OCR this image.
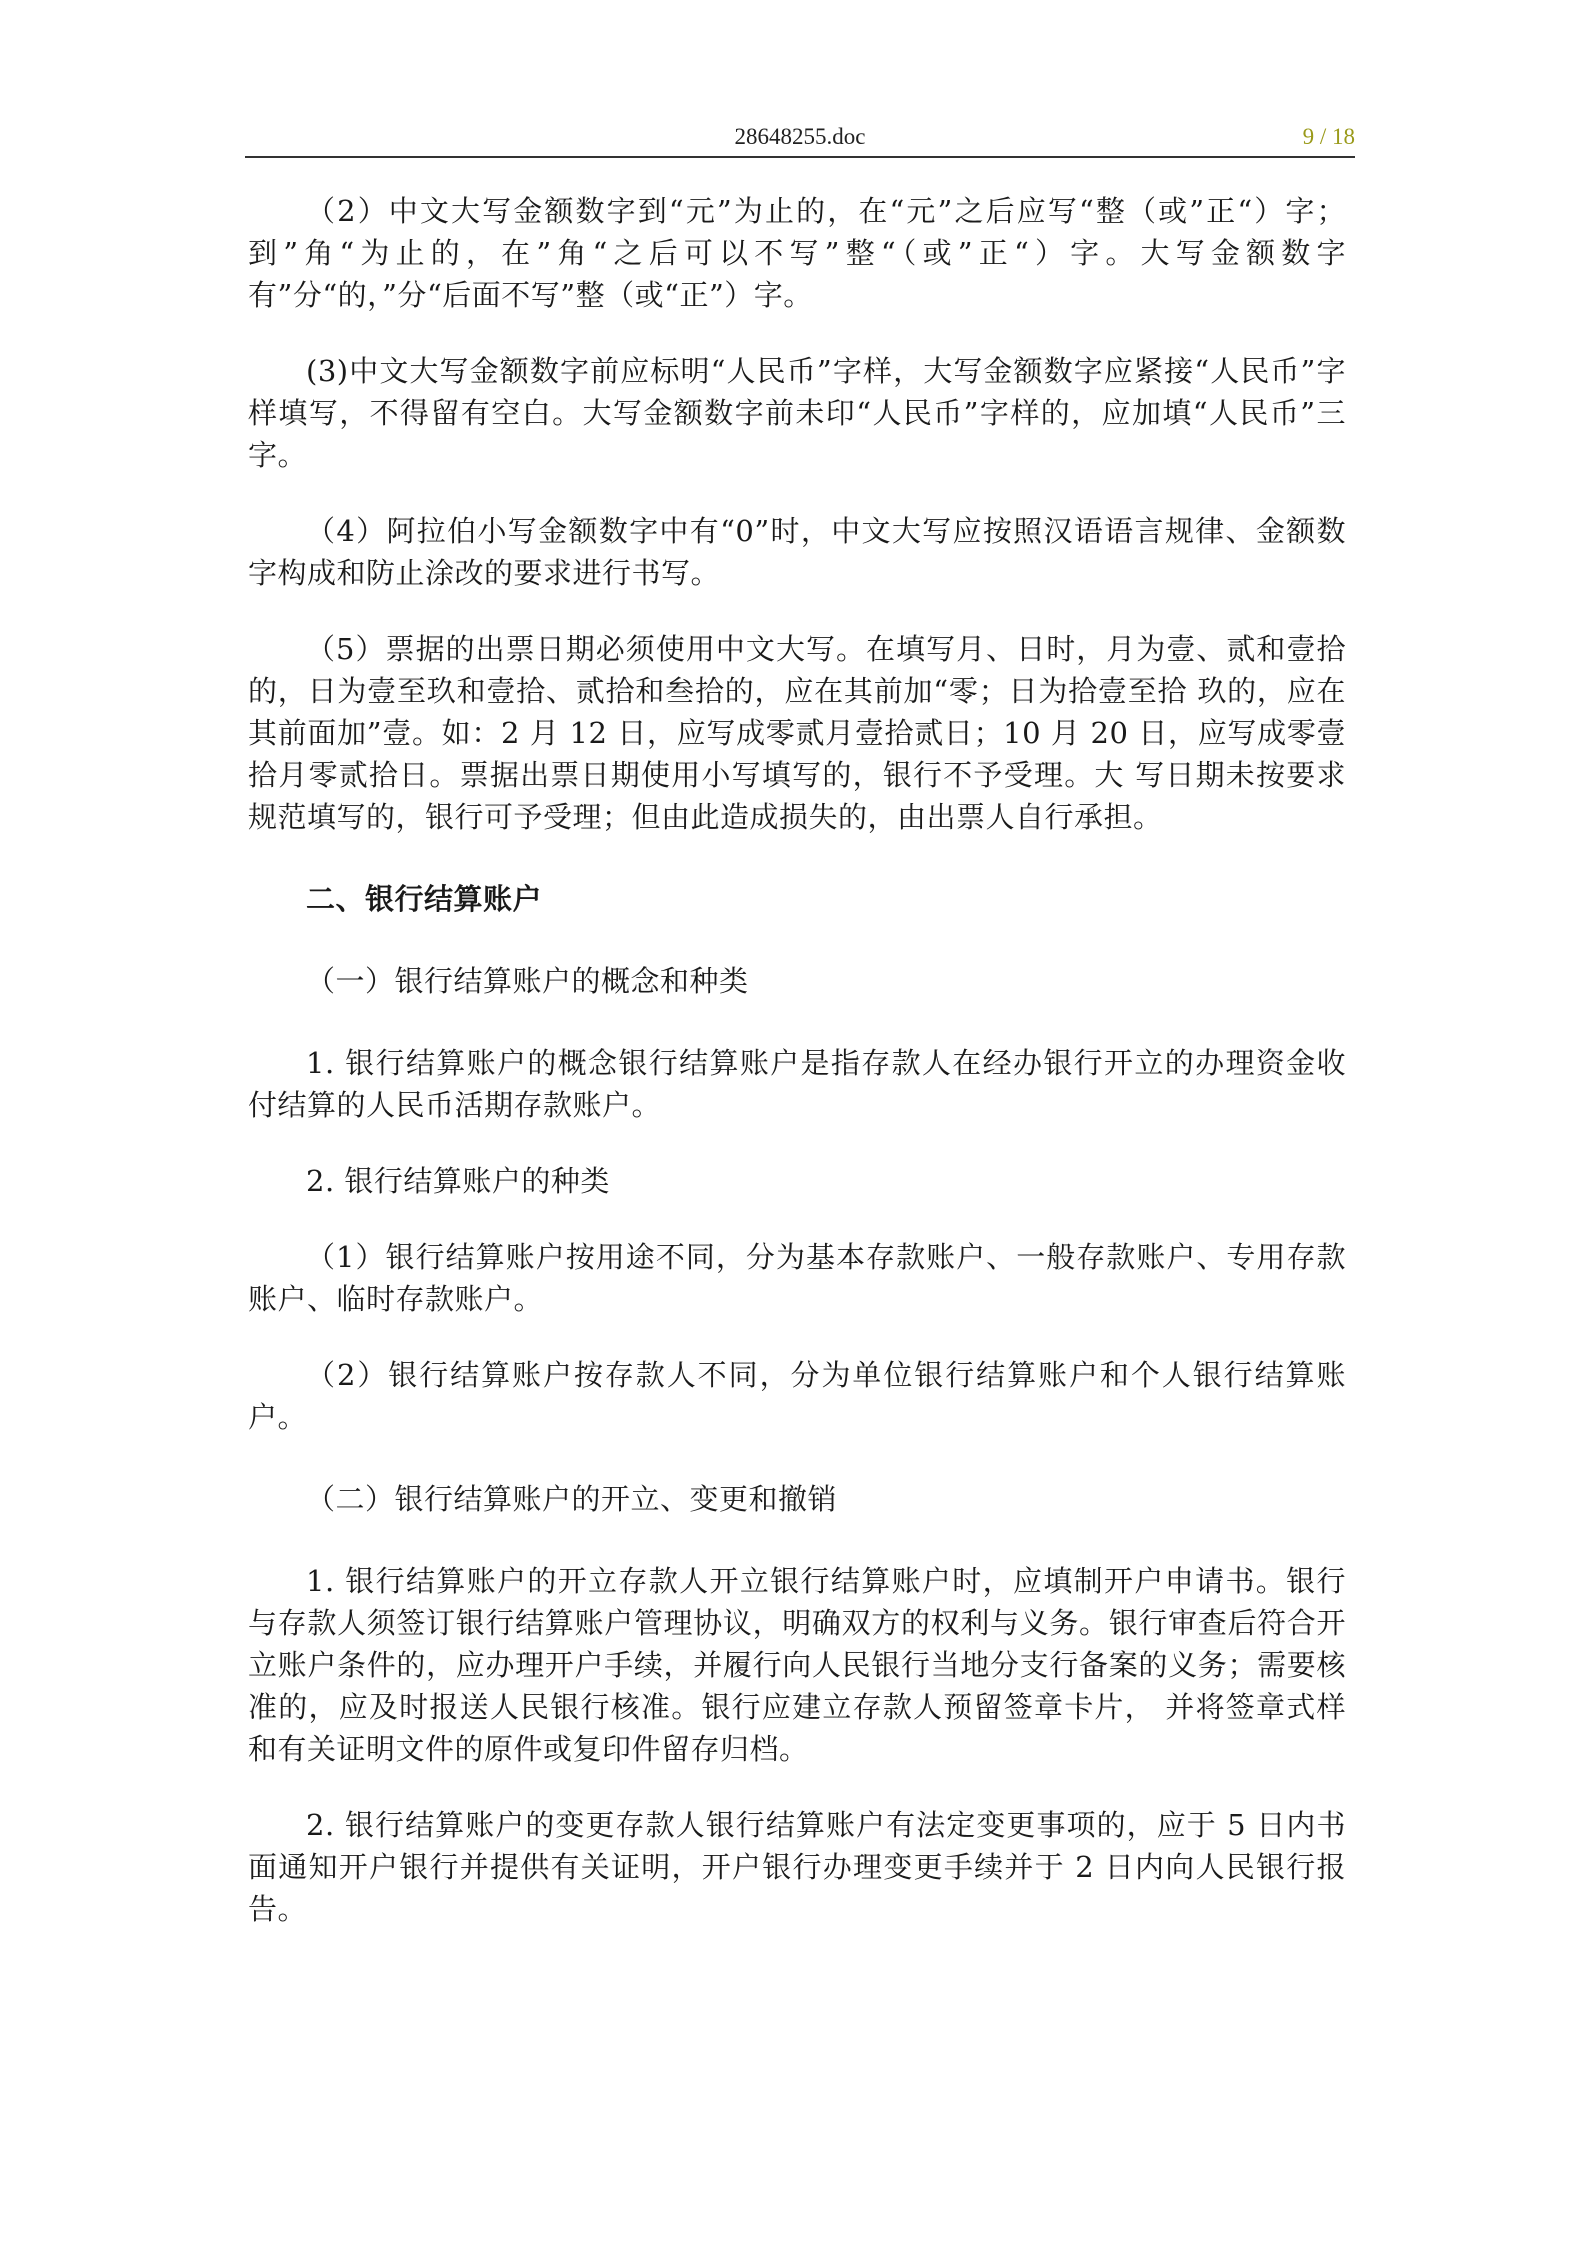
28648255.doc	9 / 18

（2）中文大写金额数字到“元”为止的，在“元”之后应写“整（或”正“）字；到”角“为止的，在”角“之后可以不写”整“（或”正“）字。大写金额数字有”分“的，”分“后面不写”整（或“正”）字。

(3)中文大写金额数字前应标明“人民币”字样，大写金额数字应紧接“人民币”字样填写，不得留有空白。大写金额数字前未印“人民币”字样的，应加填“人民币”三字。

（4）阿拉伯小写金额数字中有“0”时，中文大写应按照汉语语言规律、金额数字构成和防止涂改的要求进行书写。

（5）票据的出票日期必须使用中文大写。在填写月、日时，月为壹、贰和壹拾的，日为壹至玖和壹拾、贰拾和叁拾的，应在其前加“零；日为拾壹至拾 玖的，应在其前面加”壹。如：2 月 12 日，应写成零贰月壹拾贰日；10 月 20 日，应写成零壹拾月零贰拾日。票据出票日期使用小写填写的，银行不予受理。大 写日期未按要求规范填写的，银行可予受理；但由此造成损失的，由出票人自行承担。

二、银行结算账户

（一）银行结算账户的概念和种类

1. 银行结算账户的概念银行结算账户是指存款人在经办银行开立的办理资金收付结算的人民币活期存款账户。

2. 银行结算账户的种类

（1）银行结算账户按用途不同，分为基本存款账户、一般存款账户、专用存款账户、临时存款账户。

（2）银行结算账户按存款人不同，分为单位银行结算账户和个人银行结算账户。

（二）银行结算账户的开立、变更和撤销

1. 银行结算账户的开立存款人开立银行结算账户时，应填制开户申请书。银行与存款人须签订银行结算账户管理协议，明确双方的权利与义务。银行审查后符合开立账户条件的，应办理开户手续，并履行向人民银行当地分支行备案的义务；需要核准的，应及时报送人民银行核准。银行应建立存款人预留签章卡片， 并将签章式样和有关证明文件的原件或复印件留存归档。

2. 银行结算账户的变更存款人银行结算账户有法定变更事项的，应于 5 日内书面通知开户银行并提供有关证明，开户银行办理变更手续并于 2 日内向人民银行报告。
